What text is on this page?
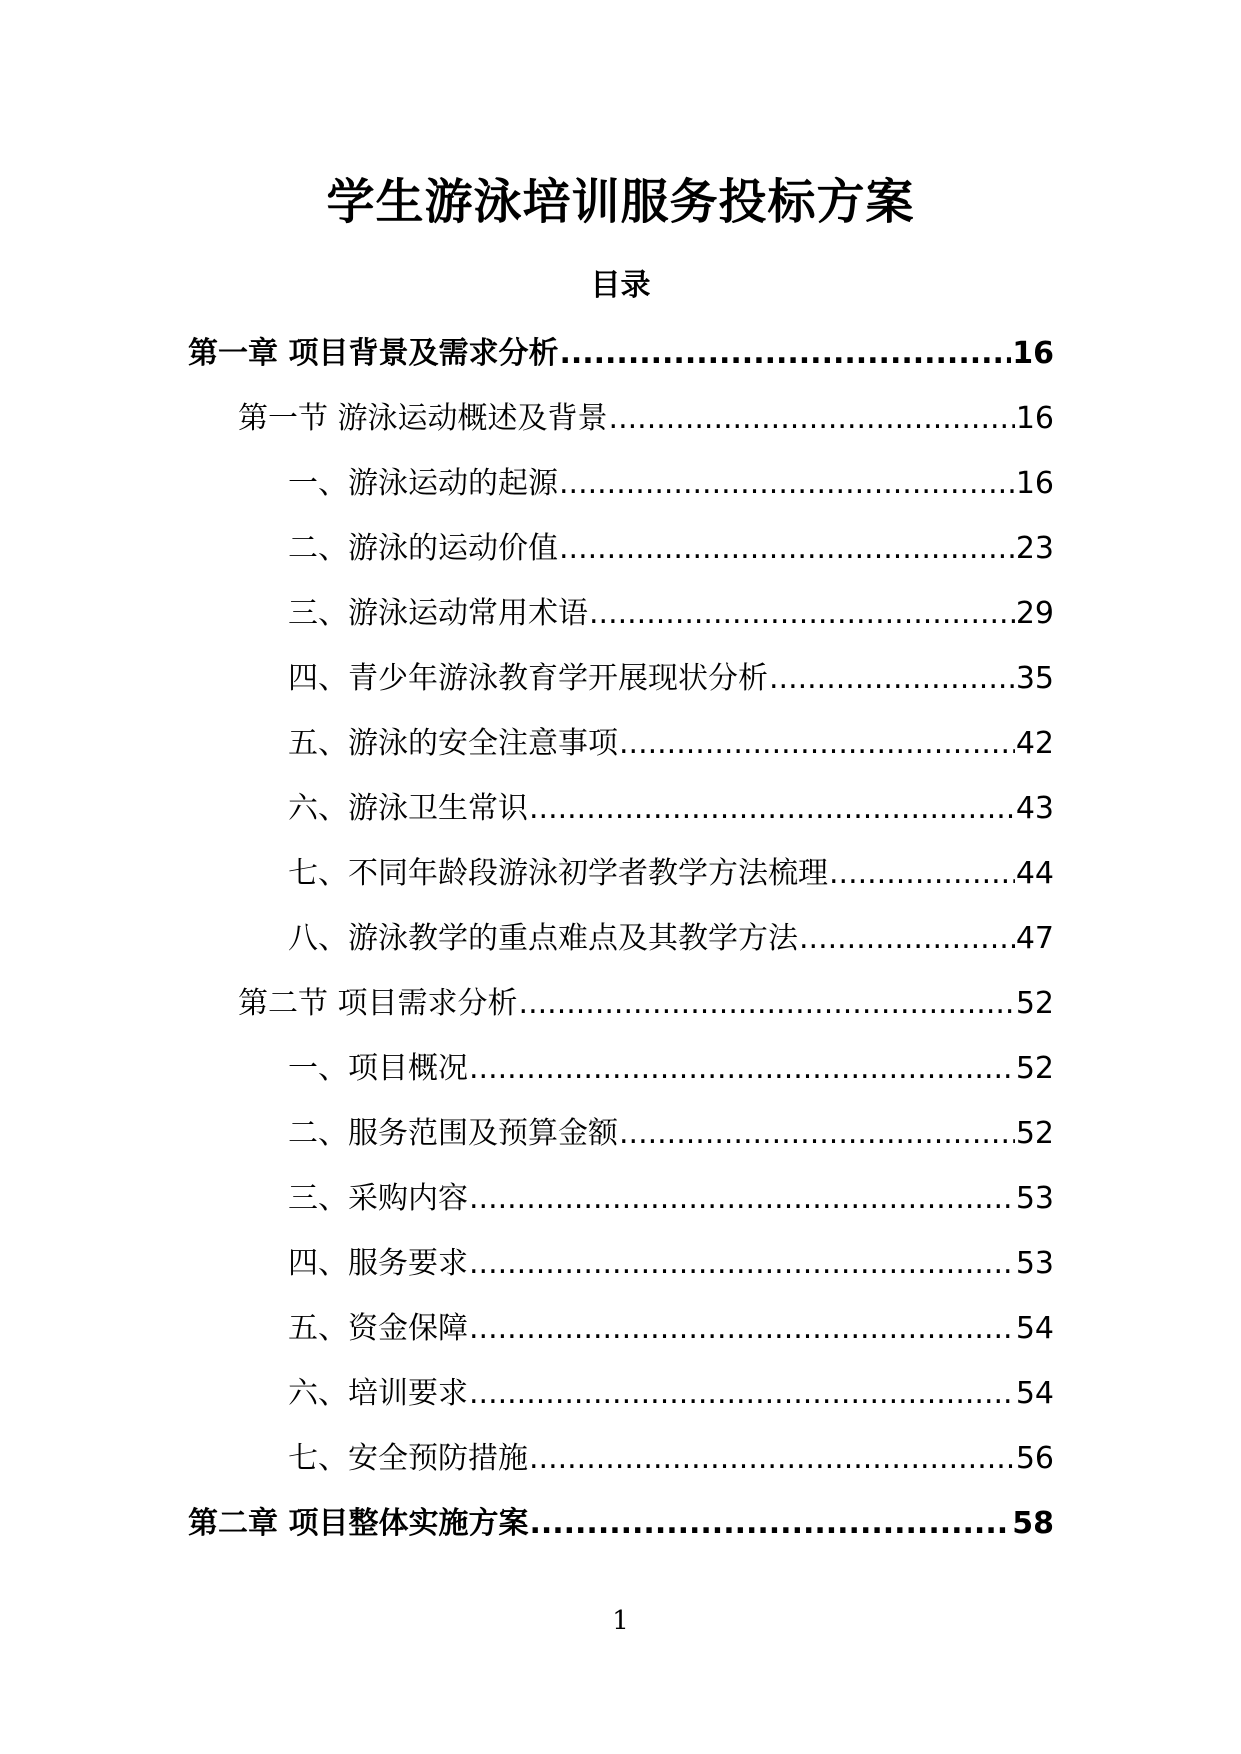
学生游泳培训服务投标方案
目录
第一章 项目背景及需求分析 .....	16
第一节 游泳运动概述及背景 .....	16
一、游泳运动的起源 .....	16
二、游泳的运动价值 .....	23
三、游泳运动常用术语 .....	29
四、青少年游泳教育学开展现状分析 .....	35
五、游泳的安全注意事项 .....	42
六、游泳卫生常识 .....	43
七、不同年龄段游泳初学者教学方法梳理 .....	44
八、游泳教学的重点难点及其教学方法 .....	47
第二节 项目需求分析 .....	52
一、项目概况 .....	52
二、服务范围及预算金额 .....	52
三、采购内容 .....	53
四、服务要求 .....	53
五、资金保障 .....	54
六、培训要求 .....	54
七、安全预防措施 .....	56
第二章 项目整体实施方案 .....	58
1
